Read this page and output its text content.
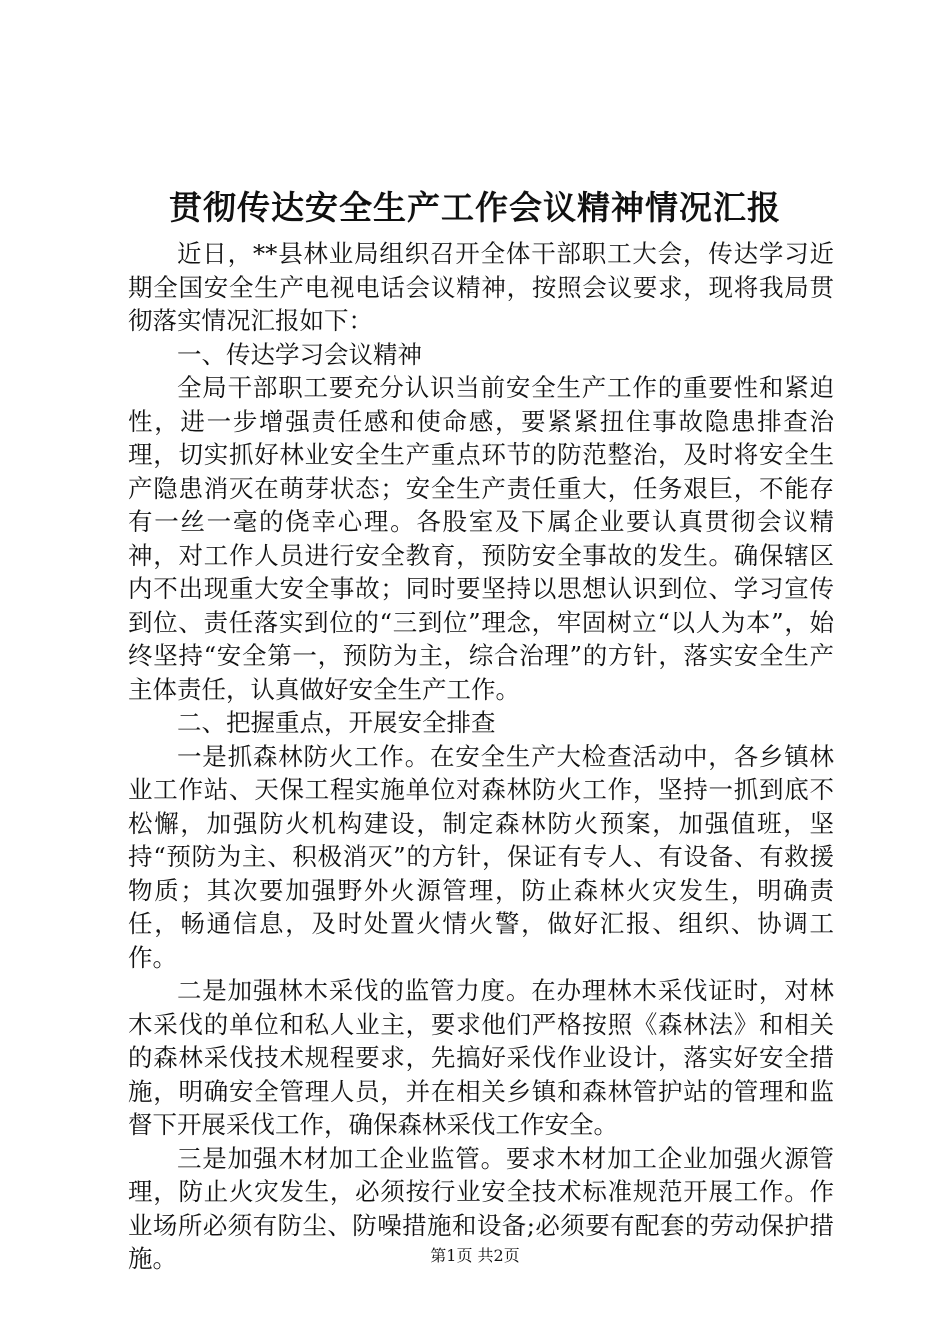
贯彻传达安全生产工作会议精神情况汇报

近日，**县林业局组织召开全体干部职工大会，传达学习近期全国安全生产电视电话会议精神，按照会议要求，现将我局贯彻落实情况汇报如下：

一、传达学习会议精神

全局干部职工要充分认识当前安全生产工作的重要性和紧迫性，进一步增强责任感和使命感，要紧紧扭住事故隐患排查治理，切实抓好林业安全生产重点环节的防范整治，及时将安全生产隐患消灭在萌芽状态；安全生产责任重大，任务艰巨，不能存有一丝一毫的侥幸心理。各股室及下属企业要认真贯彻会议精神，对工作人员进行安全教育，预防安全事故的发生。确保辖区内不出现重大安全事故；同时要坚持以思想认识到位、学习宣传到位、责任落实到位的“三到位”理念，牢固树立“以人为本”，始终坚持“安全第一，预防为主，综合治理”的方针，落实安全生产主体责任，认真做好安全生产工作。

二、把握重点，开展安全排查

一是抓森林防火工作。在安全生产大检查活动中，各乡镇林业工作站、天保工程实施单位对森林防火工作，坚持一抓到底不松懈，加强防火机构建设，制定森林防火预案，加强值班，坚持“预防为主、积极消灭”的方针，保证有专人、有设备、有救援物质；其次要加强野外火源管理，防止森林火灾发生，明确责任，畅通信息，及时处置火情火警，做好汇报、组织、协调工作。

二是加强林木采伐的监管力度。在办理林木采伐证时，对林木采伐的单位和私人业主，要求他们严格按照《森林法》和相关的森林采伐技术规程要求，先搞好采伐作业设计，落实好安全措施，明确安全管理人员，并在相关乡镇和森林管护站的管理和监督下开展采伐工作，确保森林采伐工作安全。

三是加强木材加工企业监管。要求木材加工企业加强火源管理，防止火灾发生，必须按行业安全技术标准规范开展工作。作业场所必须有防尘、防噪措施和设备;必须要有配套的劳动保护措施。	第1页 共2页
